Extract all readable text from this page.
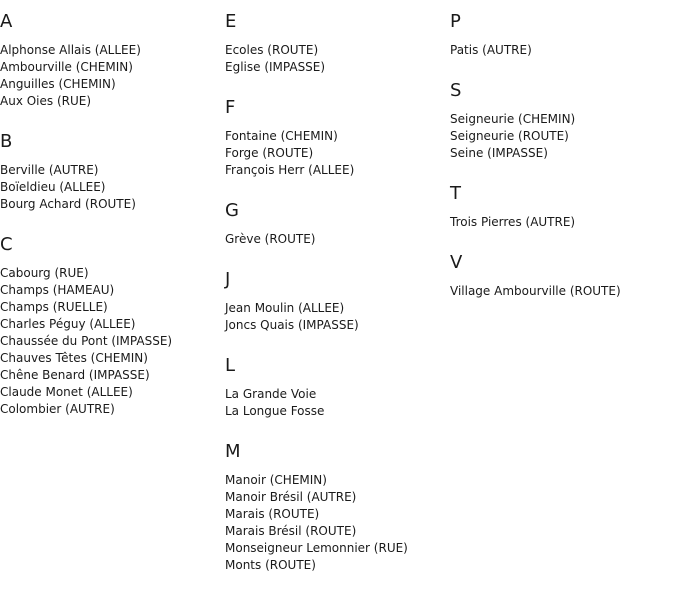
A
Alphonse Allais (ALLEE)
Ambourville (CHEMIN)
Anguilles (CHEMIN)
Aux Oies (RUE)
B
Berville (AUTRE)
Boïeldieu (ALLEE)
Bourg Achard (ROUTE)
C
Cabourg (RUE)
Champs (HAMEAU)
Champs (RUELLE)
Charles Péguy (ALLEE)
Chaussée du Pont (IMPASSE)
Chauves Têtes (CHEMIN)
Chêne Benard (IMPASSE)
Claude Monet (ALLEE)
Colombier (AUTRE)
E
Ecoles (ROUTE)
Eglise (IMPASSE)
F
Fontaine (CHEMIN)
Forge (ROUTE)
François Herr (ALLEE)
G
Grève (ROUTE)
J
Jean Moulin (ALLEE)
Joncs Quais (IMPASSE)
L
La Grande Voie
La Longue Fosse
M
Manoir (CHEMIN)
Manoir Brésil (AUTRE)
Marais (ROUTE)
Marais Brésil (ROUTE)
Monseigneur Lemonnier (RUE)
Monts (ROUTE)
P
Patis (AUTRE)
S
Seigneurie (CHEMIN)
Seigneurie (ROUTE)
Seine (IMPASSE)
T
Trois Pierres (AUTRE)
V
Village Ambourville (ROUTE)
